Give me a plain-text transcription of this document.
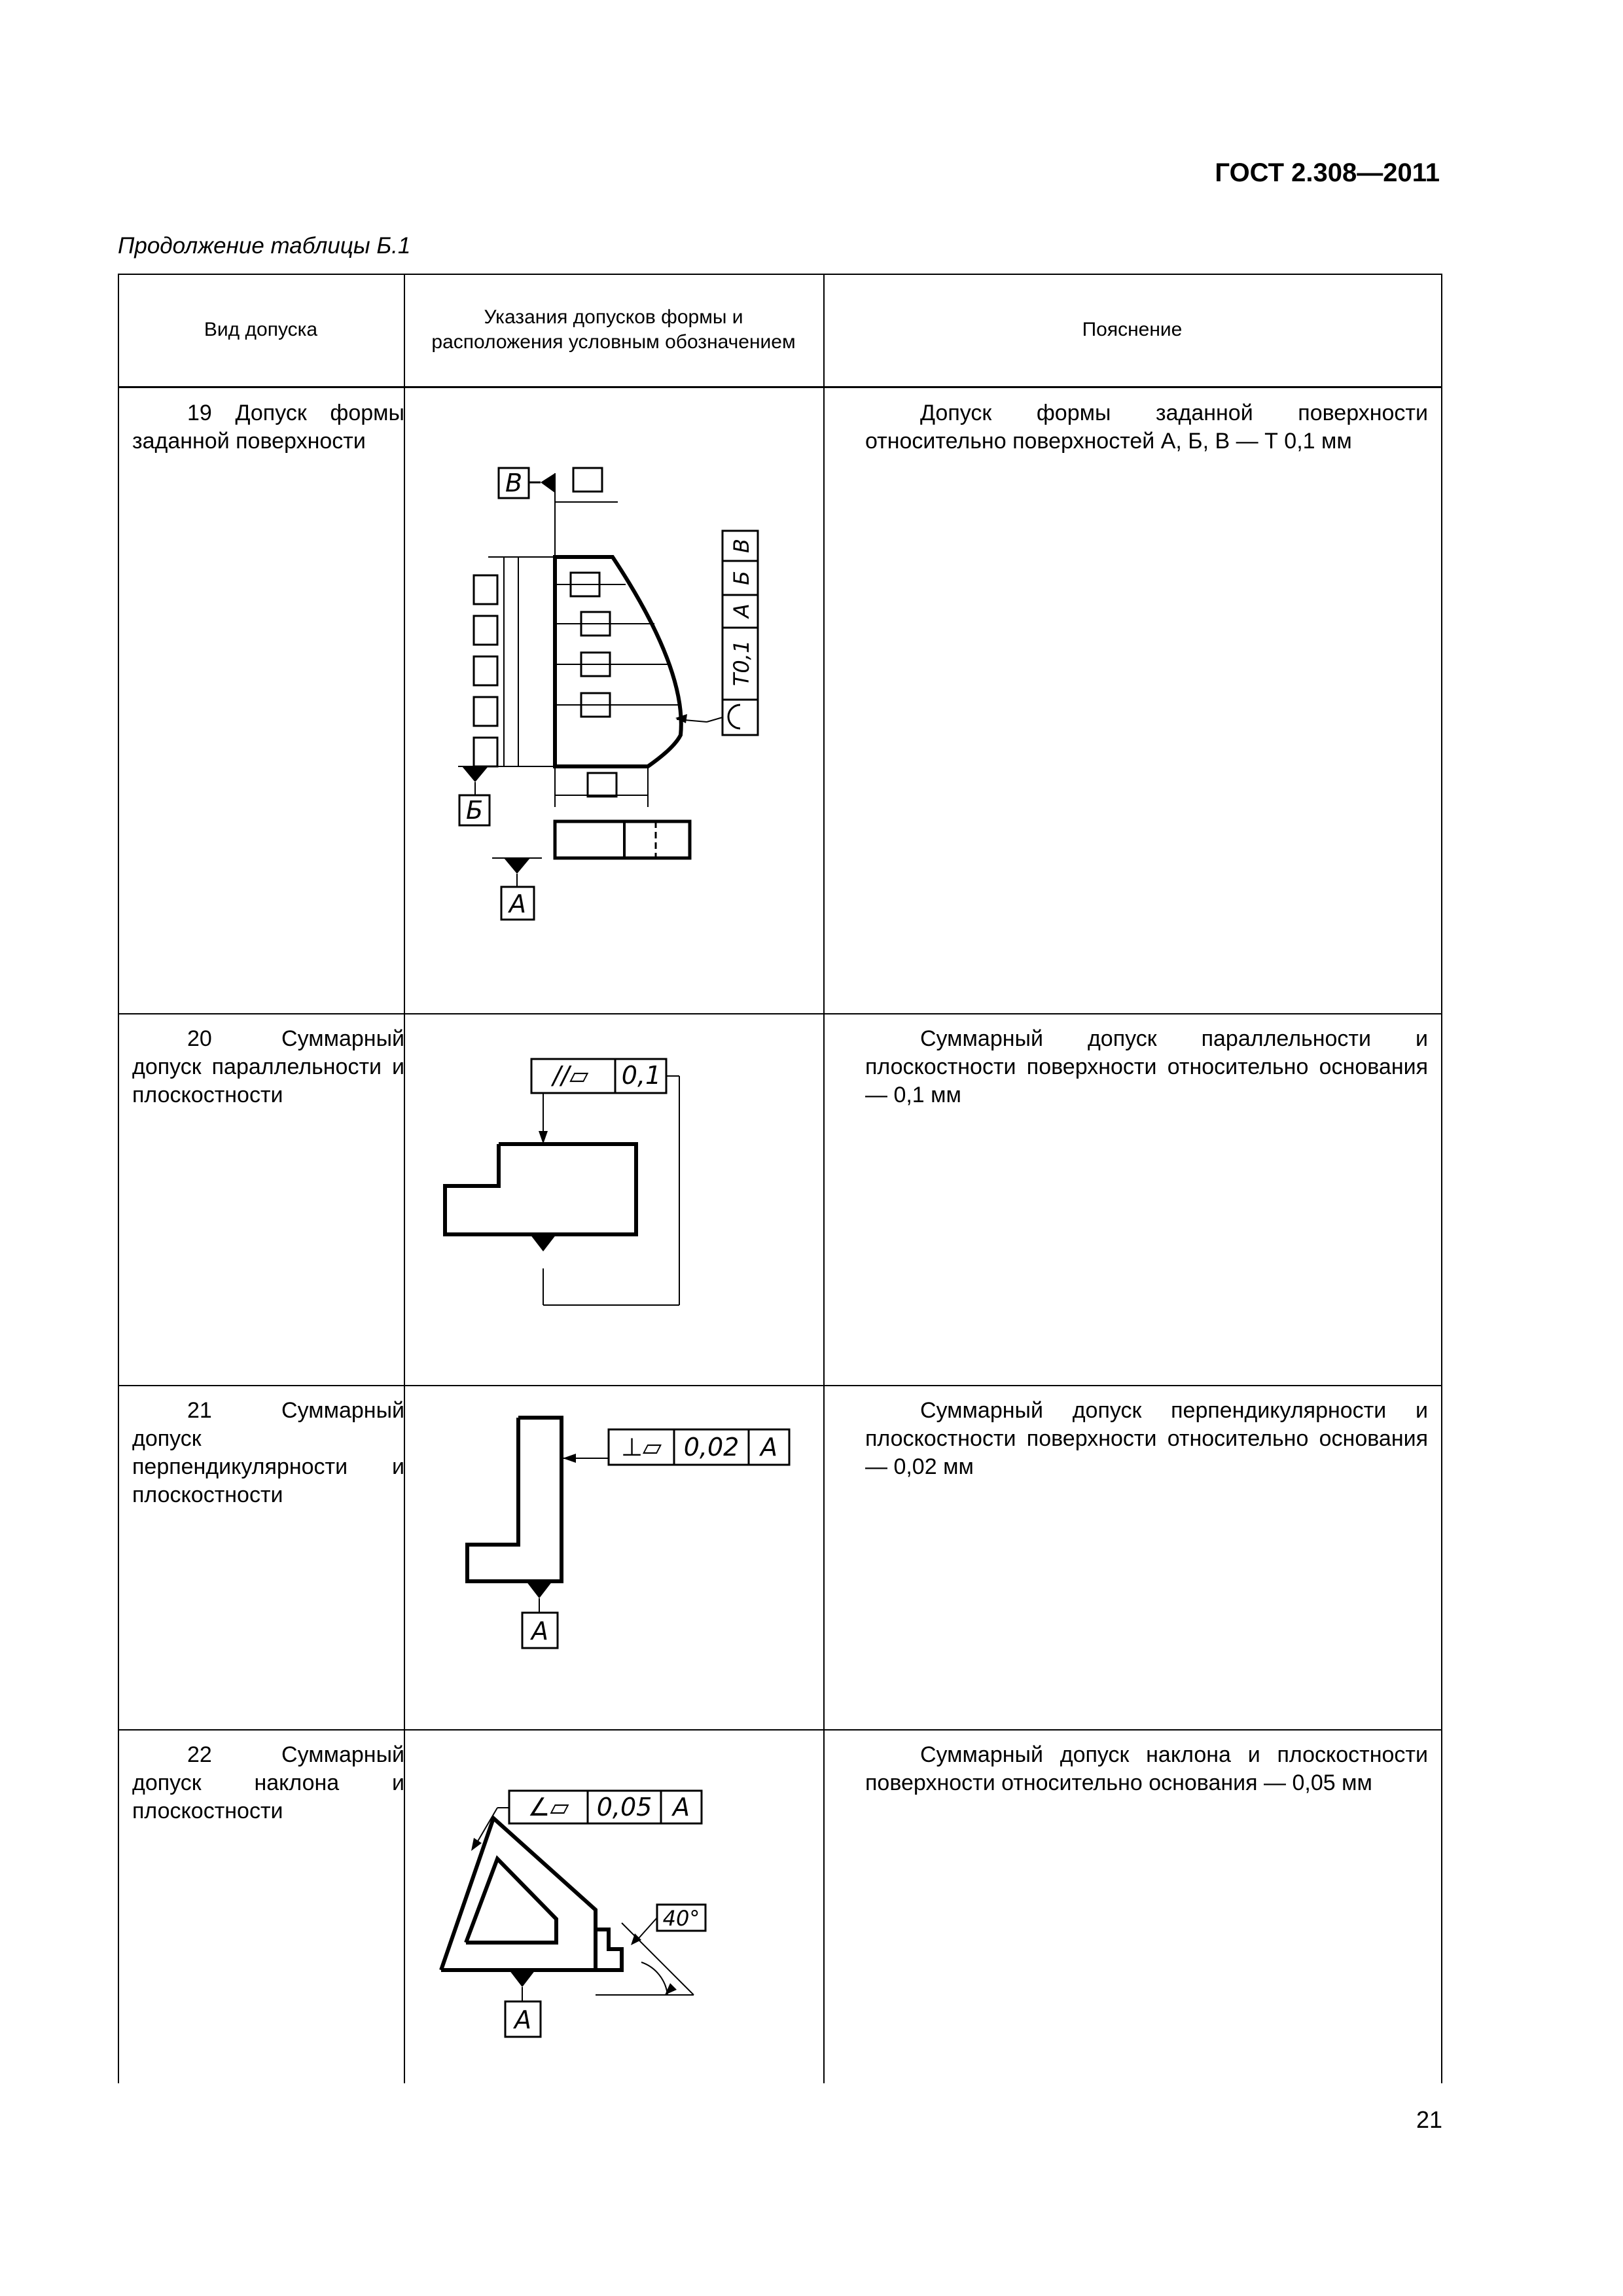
ГОСТ 2.308—2011
Продолжение таблицы Б.1
Вид допуска
Указания допусков формы и расположения условным обозначением
Пояснение
19 Допуск формы заданной поверхности
Допуск формы заданной поверхности относительно поверхностей А, Б, В — Т 0,1 мм
В
Б
А
Т0,1
А
Б
В
20 Суммарный допуск параллельности и плоскостности
Суммарный допуск параллельности и плоскостности поверхности относительно основания — 0,1 мм
//▱ 0,1
21 Суммарный допуск перпендикулярности и плоскостности
Суммарный допуск перпендикулярности и плоскостности поверхности относительно основания — 0,02 мм
⊥▱ 0,02 А
А
22 Суммарный допуск наклона и плоскостности
Суммарный допуск наклона и плоскостности поверхности относительно основания — 0,05 мм
∠▱ 0,05 А
40°
А
21
